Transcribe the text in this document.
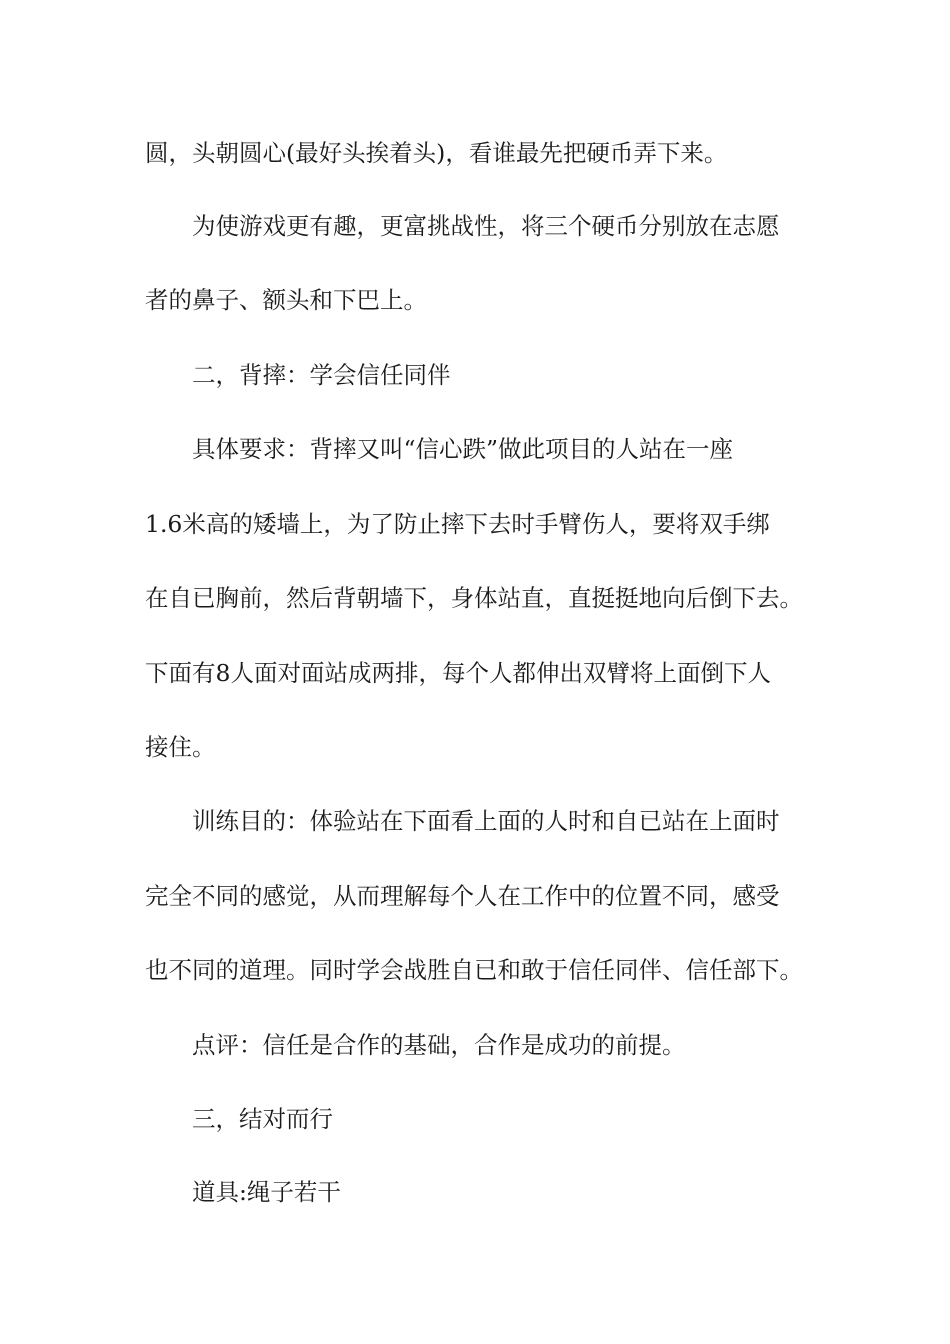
圆，头朝圆心(最好头挨着头)，看谁最先把硬币弄下来。

为使游戏更有趣，更富挑战性，将三个硬币分别放在志愿

者的鼻子、额头和下巴上。

二，背摔：学会信任同伴

具体要求：背摔又叫“信心跌”做此项目的人站在一座

1.6米高的矮墙上，为了防止摔下去时手臂伤人，要将双手绑

在自已胸前，然后背朝墙下，身体站直，直挺挺地向后倒下去。

下面有8人面对面站成两排，每个人都伸出双臂将上面倒下人

接住。

训练目的：体验站在下面看上面的人时和自已站在上面时

完全不同的感觉，从而理解每个人在工作中的位置不同，感受

也不同的道理。同时学会战胜自已和敢于信任同伴、信任部下。

点评：信任是合作的基础，合作是成功的前提。

三，结对而行

道具:绳子若干
